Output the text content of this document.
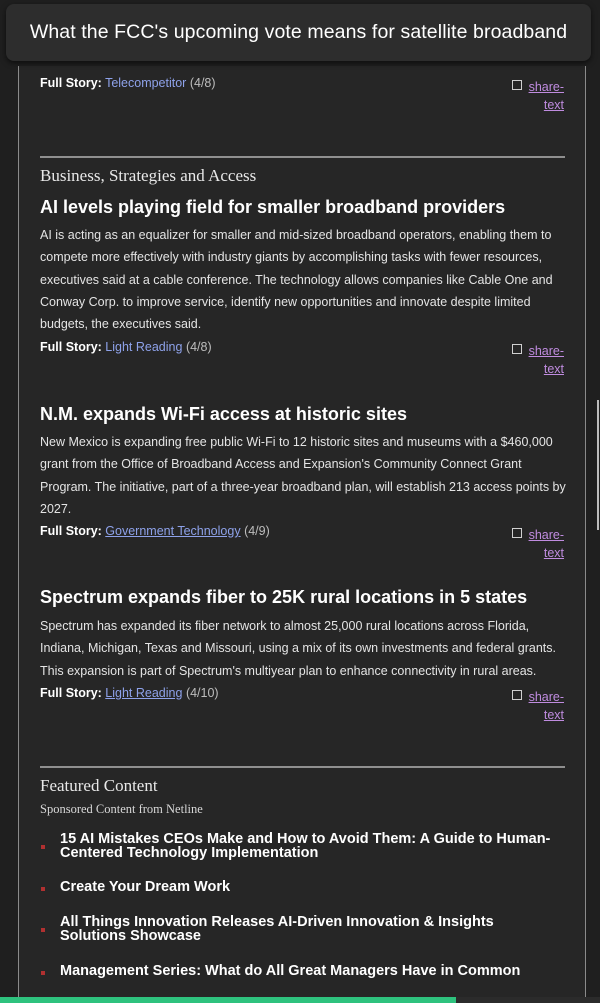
What the FCC's upcoming vote means for satellite broadband
Full Story: Telecompetitor (4/8)	share-
text
Business, Strategies and Access
AI levels playing field for smaller broadband providers
AI is acting as an equalizer for smaller and mid-sized broadband operators, enabling them to compete more effectively with industry giants by accomplishing tasks with fewer resources, executives said at a cable conference. The technology allows companies like Cable One and Conway Corp. to improve service, identify new opportunities and innovate despite limited budgets, the executives said.
Full Story: Light Reading (4/8)	share-
text
N.M. expands Wi-Fi access at historic sites
New Mexico is expanding free public Wi-Fi to 12 historic sites and museums with a $460,000 grant from the Office of Broadband Access and Expansion's Community Connect Grant Program. The initiative, part of a three-year broadband plan, will establish 213 access points by 2027.
Full Story: Government Technology (4/9)	share-
text
Spectrum expands fiber to 25K rural locations in 5 states
Spectrum has expanded its fiber network to almost 25,000 rural locations across Florida, Indiana, Michigan, Texas and Missouri, using a mix of its own investments and federal grants. This expansion is part of Spectrum's multiyear plan to enhance connectivity in rural areas.
Full Story: Light Reading (4/10)	share-
text
Featured Content
Sponsored Content from Netline
15 AI Mistakes CEOs Make and How to Avoid Them: A Guide to Human-Centered Technology Implementation
Create Your Dream Work
All Things Innovation Releases AI-Driven Innovation & Insights Solutions Showcase
Management Series: What do All Great Managers Have in Common
